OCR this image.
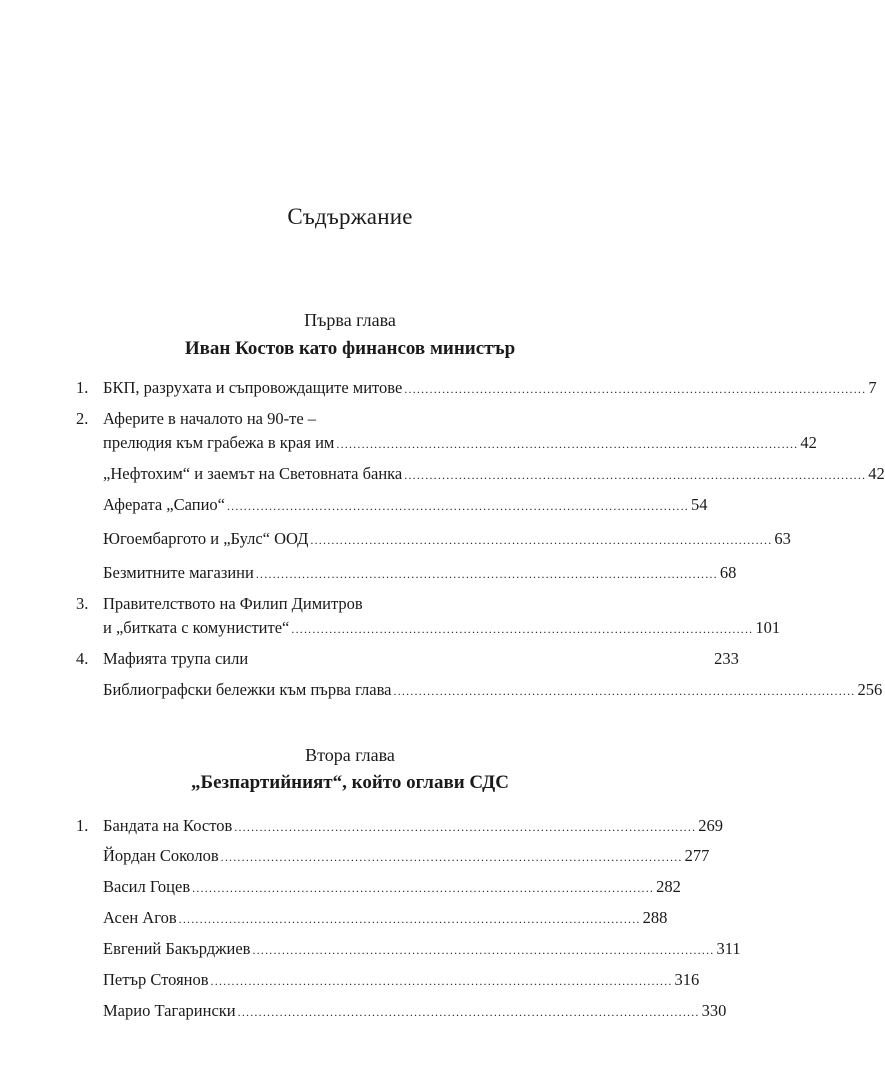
Съдържание
Първа глава
Иван Костов като финансов министър
1. БКП, разрухата и съпровождащите митове .............................................................................................................. 7
2. Аферите в началото на 90-те –
прелюдия към грабежа в края им .............................................................................................................. 42
„Нефтохим“ и заемът на Световната банка .............................................................................................................. 42
Аферата „Сапио“ .............................................................................................................. 54
Югоембаргото и „Булс“ ООД .............................................................................................................. 63
Безмитните магазини .............................................................................................................. 68
3. Правителството на Филип Димитров
и „битката с комунистите“ .............................................................................................................. 101
4. Мафията трупа сили	233
Библиографски бележки към първа глава .............................................................................................................. 256
Втора глава
„Безпартийният“, който оглави СДС
1. Бандата на Костов .............................................................................................................. 269
Йордан Соколов .............................................................................................................. 277
Васил Гоцев .............................................................................................................. 282
Асен Агов .............................................................................................................. 288
Евгений Бакърджиев .............................................................................................................. 311
Петър Стоянов .............................................................................................................. 316
Марио Тагарински .............................................................................................................. 330
